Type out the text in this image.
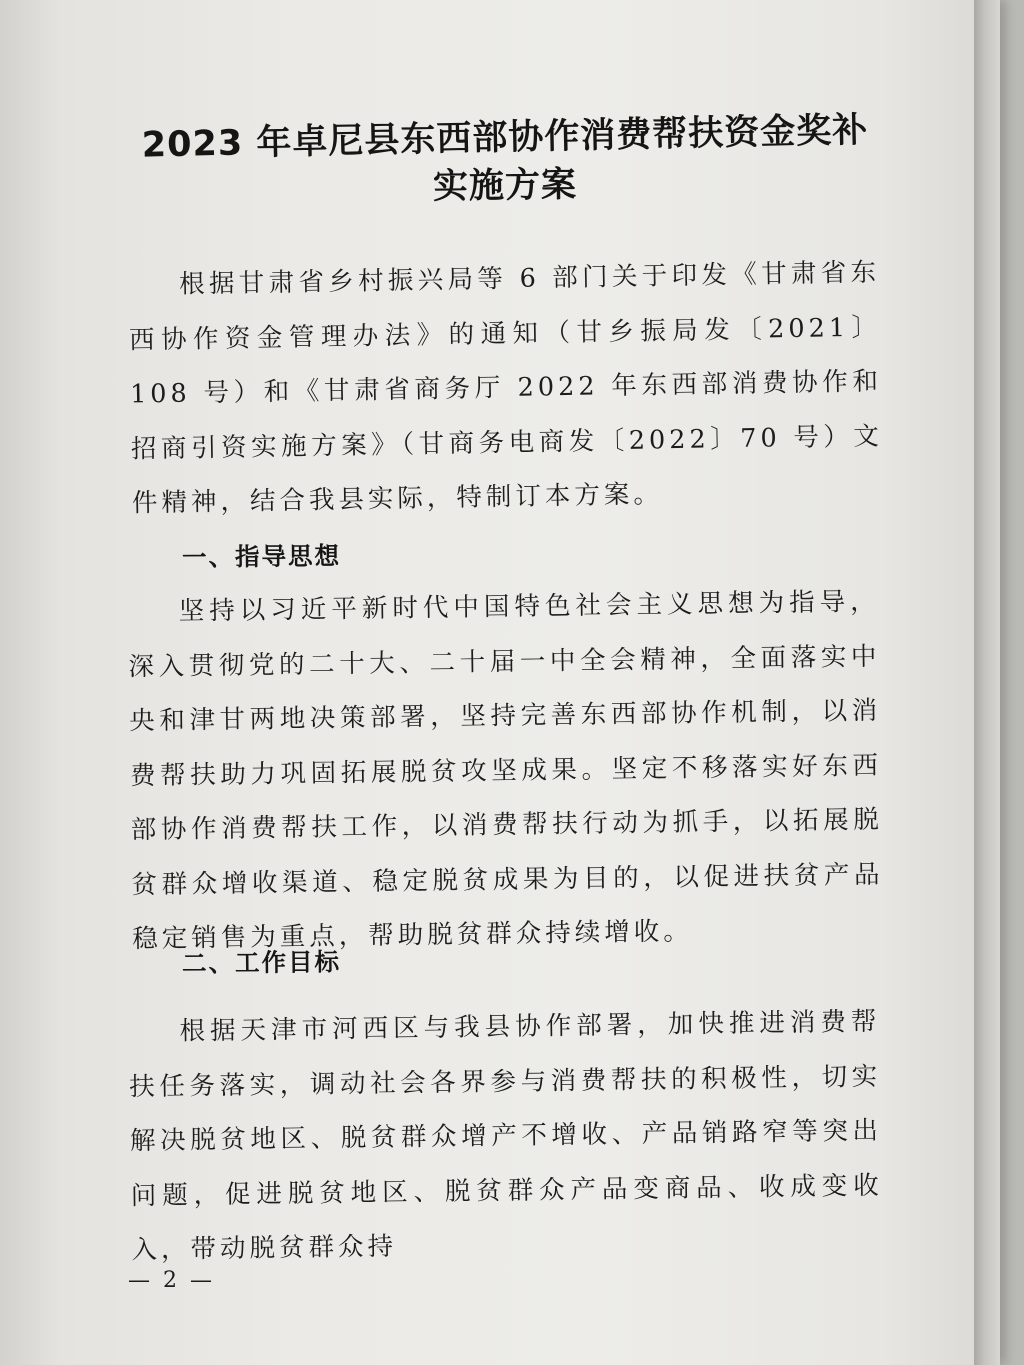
2023 年卓尼县东西部协作消费帮扶资金奖补
实施方案

根据甘肃省乡村振兴局等 6 部门关于印发《甘肃省东西协作资金管理办法》的通知（甘乡振局发〔2021〕108 号）和《甘肃省商务厅 2022 年东西部消费协作和招商引资实施方案》（甘商务电商发〔2022〕70 号）文件精神，结合我县实际，特制订本方案。

一、指导思想

坚持以习近平新时代中国特色社会主义思想为指导，深入贯彻党的二十大、二十届一中全会精神，全面落实中央和津甘两地决策部署，坚持完善东西部协作机制，以消费帮扶助力巩固拓展脱贫攻坚成果。坚定不移落实好东西部协作消费帮扶工作，以消费帮扶行动为抓手，以拓展脱贫群众增收渠道、稳定脱贫成果为目的，以促进扶贫产品稳定销售为重点，帮助脱贫群众持续增收。

二、工作目标

根据天津市河西区与我县协作部署，加快推进消费帮扶任务落实，调动社会各界参与消费帮扶的积极性，切实解决脱贫地区、脱贫群众增产不增收、产品销路窄等突出问题，促进脱贫地区、脱贫群众产品变商品、收成变收入，带动脱贫群众持

— 2 —
